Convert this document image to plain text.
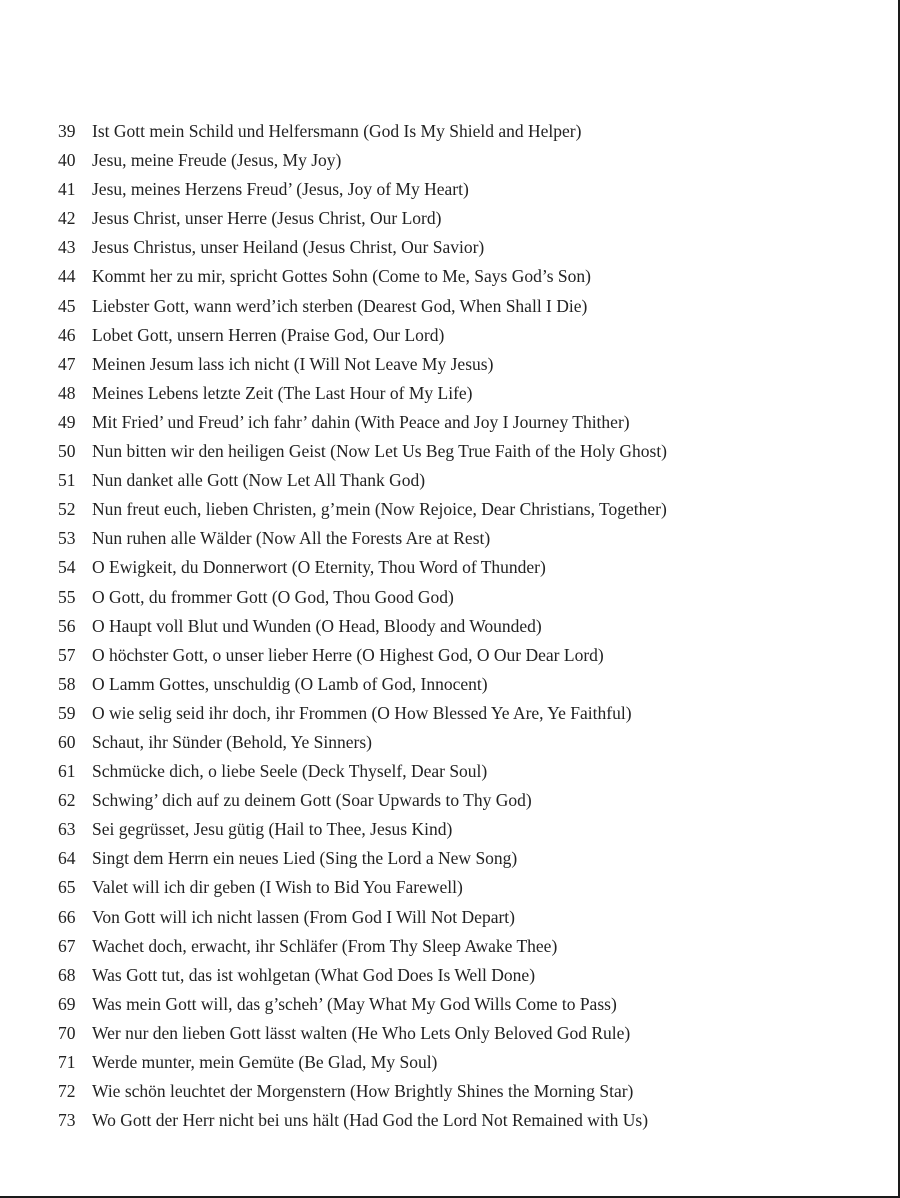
39 Ist Gott mein Schild und Helfersmann (God Is My Shield and Helper)
40 Jesu, meine Freude (Jesus, My Joy)
41 Jesu, meines Herzens Freud’ (Jesus, Joy of My Heart)
42 Jesus Christ, unser Herre (Jesus Christ, Our Lord)
43 Jesus Christus, unser Heiland (Jesus Christ, Our Savior)
44 Kommt her zu mir, spricht Gottes Sohn (Come to Me, Says God’s Son)
45 Liebster Gott, wann werd’ich sterben (Dearest God, When Shall I Die)
46 Lobet Gott, unsern Herren (Praise God, Our Lord)
47 Meinen Jesum lass ich nicht (I Will Not Leave My Jesus)
48 Meines Lebens letzte Zeit (The Last Hour of My Life)
49 Mit Fried’ und Freud’ ich fahr’ dahin (With Peace and Joy I Journey Thither)
50 Nun bitten wir den heiligen Geist (Now Let Us Beg True Faith of the Holy Ghost)
51 Nun danket alle Gott (Now Let All Thank God)
52 Nun freut euch, lieben Christen, g’mein (Now Rejoice, Dear Christians, Together)
53 Nun ruhen alle Wälder (Now All the Forests Are at Rest)
54 O Ewigkeit, du Donnerwort (O Eternity, Thou Word of Thunder)
55 O Gott, du frommer Gott (O God, Thou Good God)
56 O Haupt voll Blut und Wunden (O Head, Bloody and Wounded)
57 O höchster Gott, o unser lieber Herre (O Highest God, O Our Dear Lord)
58 O Lamm Gottes, unschuldig (O Lamb of God, Innocent)
59 O wie selig seid ihr doch, ihr Frommen (O How Blessed Ye Are, Ye Faithful)
60 Schaut, ihr Sünder (Behold, Ye Sinners)
61 Schmücke dich, o liebe Seele (Deck Thyself, Dear Soul)
62 Schwing’ dich auf zu deinem Gott (Soar Upwards to Thy God)
63 Sei gegrüsset, Jesu gütig (Hail to Thee, Jesus Kind)
64 Singt dem Herrn ein neues Lied (Sing the Lord a New Song)
65 Valet will ich dir geben (I Wish to Bid You Farewell)
66 Von Gott will ich nicht lassen (From God I Will Not Depart)
67 Wachet doch, erwacht, ihr Schläfer (From Thy Sleep Awake Thee)
68 Was Gott tut, das ist wohlgetan (What God Does Is Well Done)
69 Was mein Gott will, das g’scheh’ (May What My God Wills Come to Pass)
70 Wer nur den lieben Gott lässt walten (He Who Lets Only Beloved God Rule)
71 Werde munter, mein Gemüte (Be Glad, My Soul)
72 Wie schön leuchtet der Morgenstern (How Brightly Shines the Morning Star)
73 Wo Gott der Herr nicht bei uns hält (Had God the Lord Not Remained with Us)
